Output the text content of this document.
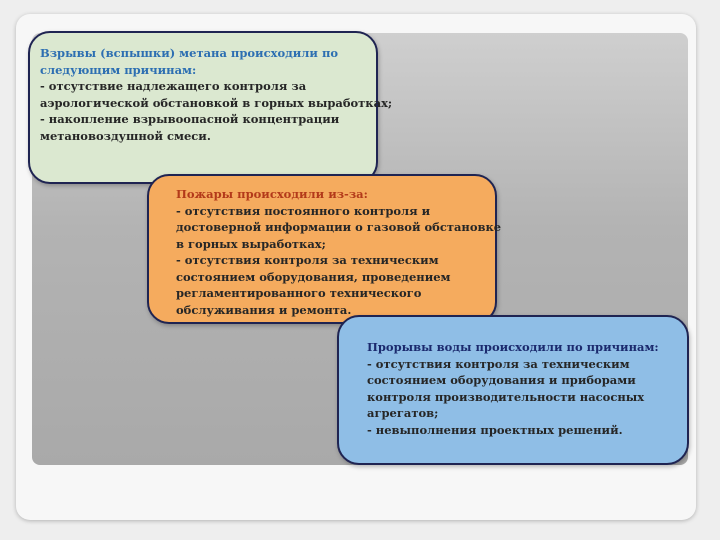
Взрывы (вспышки) метана происходили по
следующим причинам:
- отсутствие надлежащего контроля за
аэрологической обстановкой в горных выработках;
- накопление взрывоопасной концентрации
метановоздушной смеси.
Пожары происходили из-за:
- отсутствия постоянного контроля и
достоверной информации о газовой обстановке
в горных выработках;
- отсутствия контроля за техническим
состоянием оборудования, проведением
регламентированного технического
обслуживания и ремонта.
Прорывы воды происходили по причинам:
- отсутствия контроля за техническим
состоянием оборудования и приборами
контроля производительности насосных
агрегатов;
- невыполнения проектных решений.
